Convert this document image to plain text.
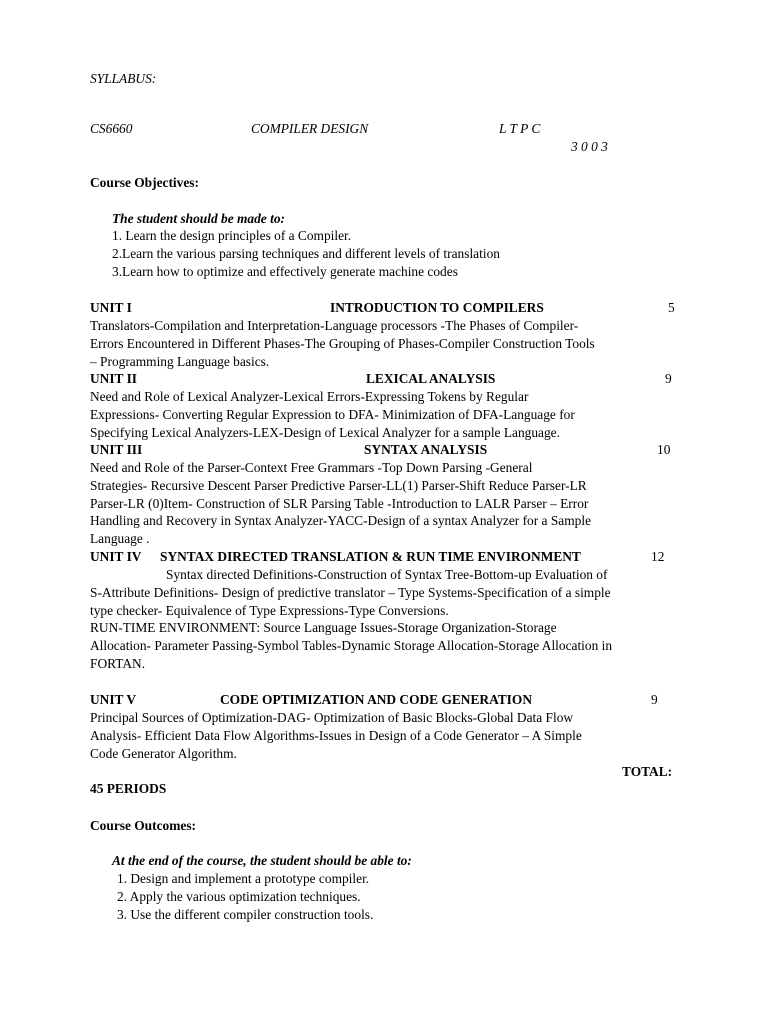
SYLLABUS:
CS6660	COMPILER DESIGN	L T P C
3 0 0 3
Course Objectives:
The student should be made to:
1. Learn the design principles of a Compiler.
2.Learn the various parsing techniques and different levels of translation
3.Learn how to optimize and effectively generate machine codes
UNIT I	INTRODUCTION TO COMPILERS	5
Translators-Compilation and Interpretation-Language processors -The Phases of Compiler-
Errors Encountered in Different Phases-The Grouping of Phases-Compiler Construction Tools
– Programming Language basics.
UNIT II	LEXICAL ANALYSIS	9
Need and Role of Lexical Analyzer-Lexical Errors-Expressing Tokens by Regular
Expressions- Converting Regular Expression to DFA- Minimization of DFA-Language for
Specifying Lexical Analyzers-LEX-Design of Lexical Analyzer for a sample Language.
UNIT III	SYNTAX ANALYSIS	10
Need and Role of the Parser-Context Free Grammars -Top Down Parsing -General
Strategies- Recursive Descent Parser Predictive Parser-LL(1) Parser-Shift Reduce Parser-LR
Parser-LR (0)Item- Construction of SLR Parsing Table -Introduction to LALR Parser – Error
Handling and Recovery in Syntax Analyzer-YACC-Design of a syntax Analyzer for a Sample
Language .
UNIT IV SYNTAX DIRECTED TRANSLATION & RUN TIME ENVIRONMENT	12
Syntax directed Definitions-Construction of Syntax Tree-Bottom-up Evaluation of
S-Attribute Definitions- Design of predictive translator – Type Systems-Specification of a simple
type checker- Equivalence of Type Expressions-Type Conversions.
RUN-TIME ENVIRONMENT: Source Language Issues-Storage Organization-Storage
Allocation- Parameter Passing-Symbol Tables-Dynamic Storage Allocation-Storage Allocation in
FORTAN.
UNIT V	CODE OPTIMIZATION AND CODE GENERATION	9
Principal Sources of Optimization-DAG- Optimization of Basic Blocks-Global Data Flow
Analysis- Efficient Data Flow Algorithms-Issues in Design of a Code Generator – A Simple
Code Generator Algorithm.
TOTAL:
45 PERIODS
Course Outcomes:
At the end of the course, the student should be able to:
1. Design and implement a prototype compiler.
2. Apply the various optimization techniques.
3. Use the different compiler construction tools.
